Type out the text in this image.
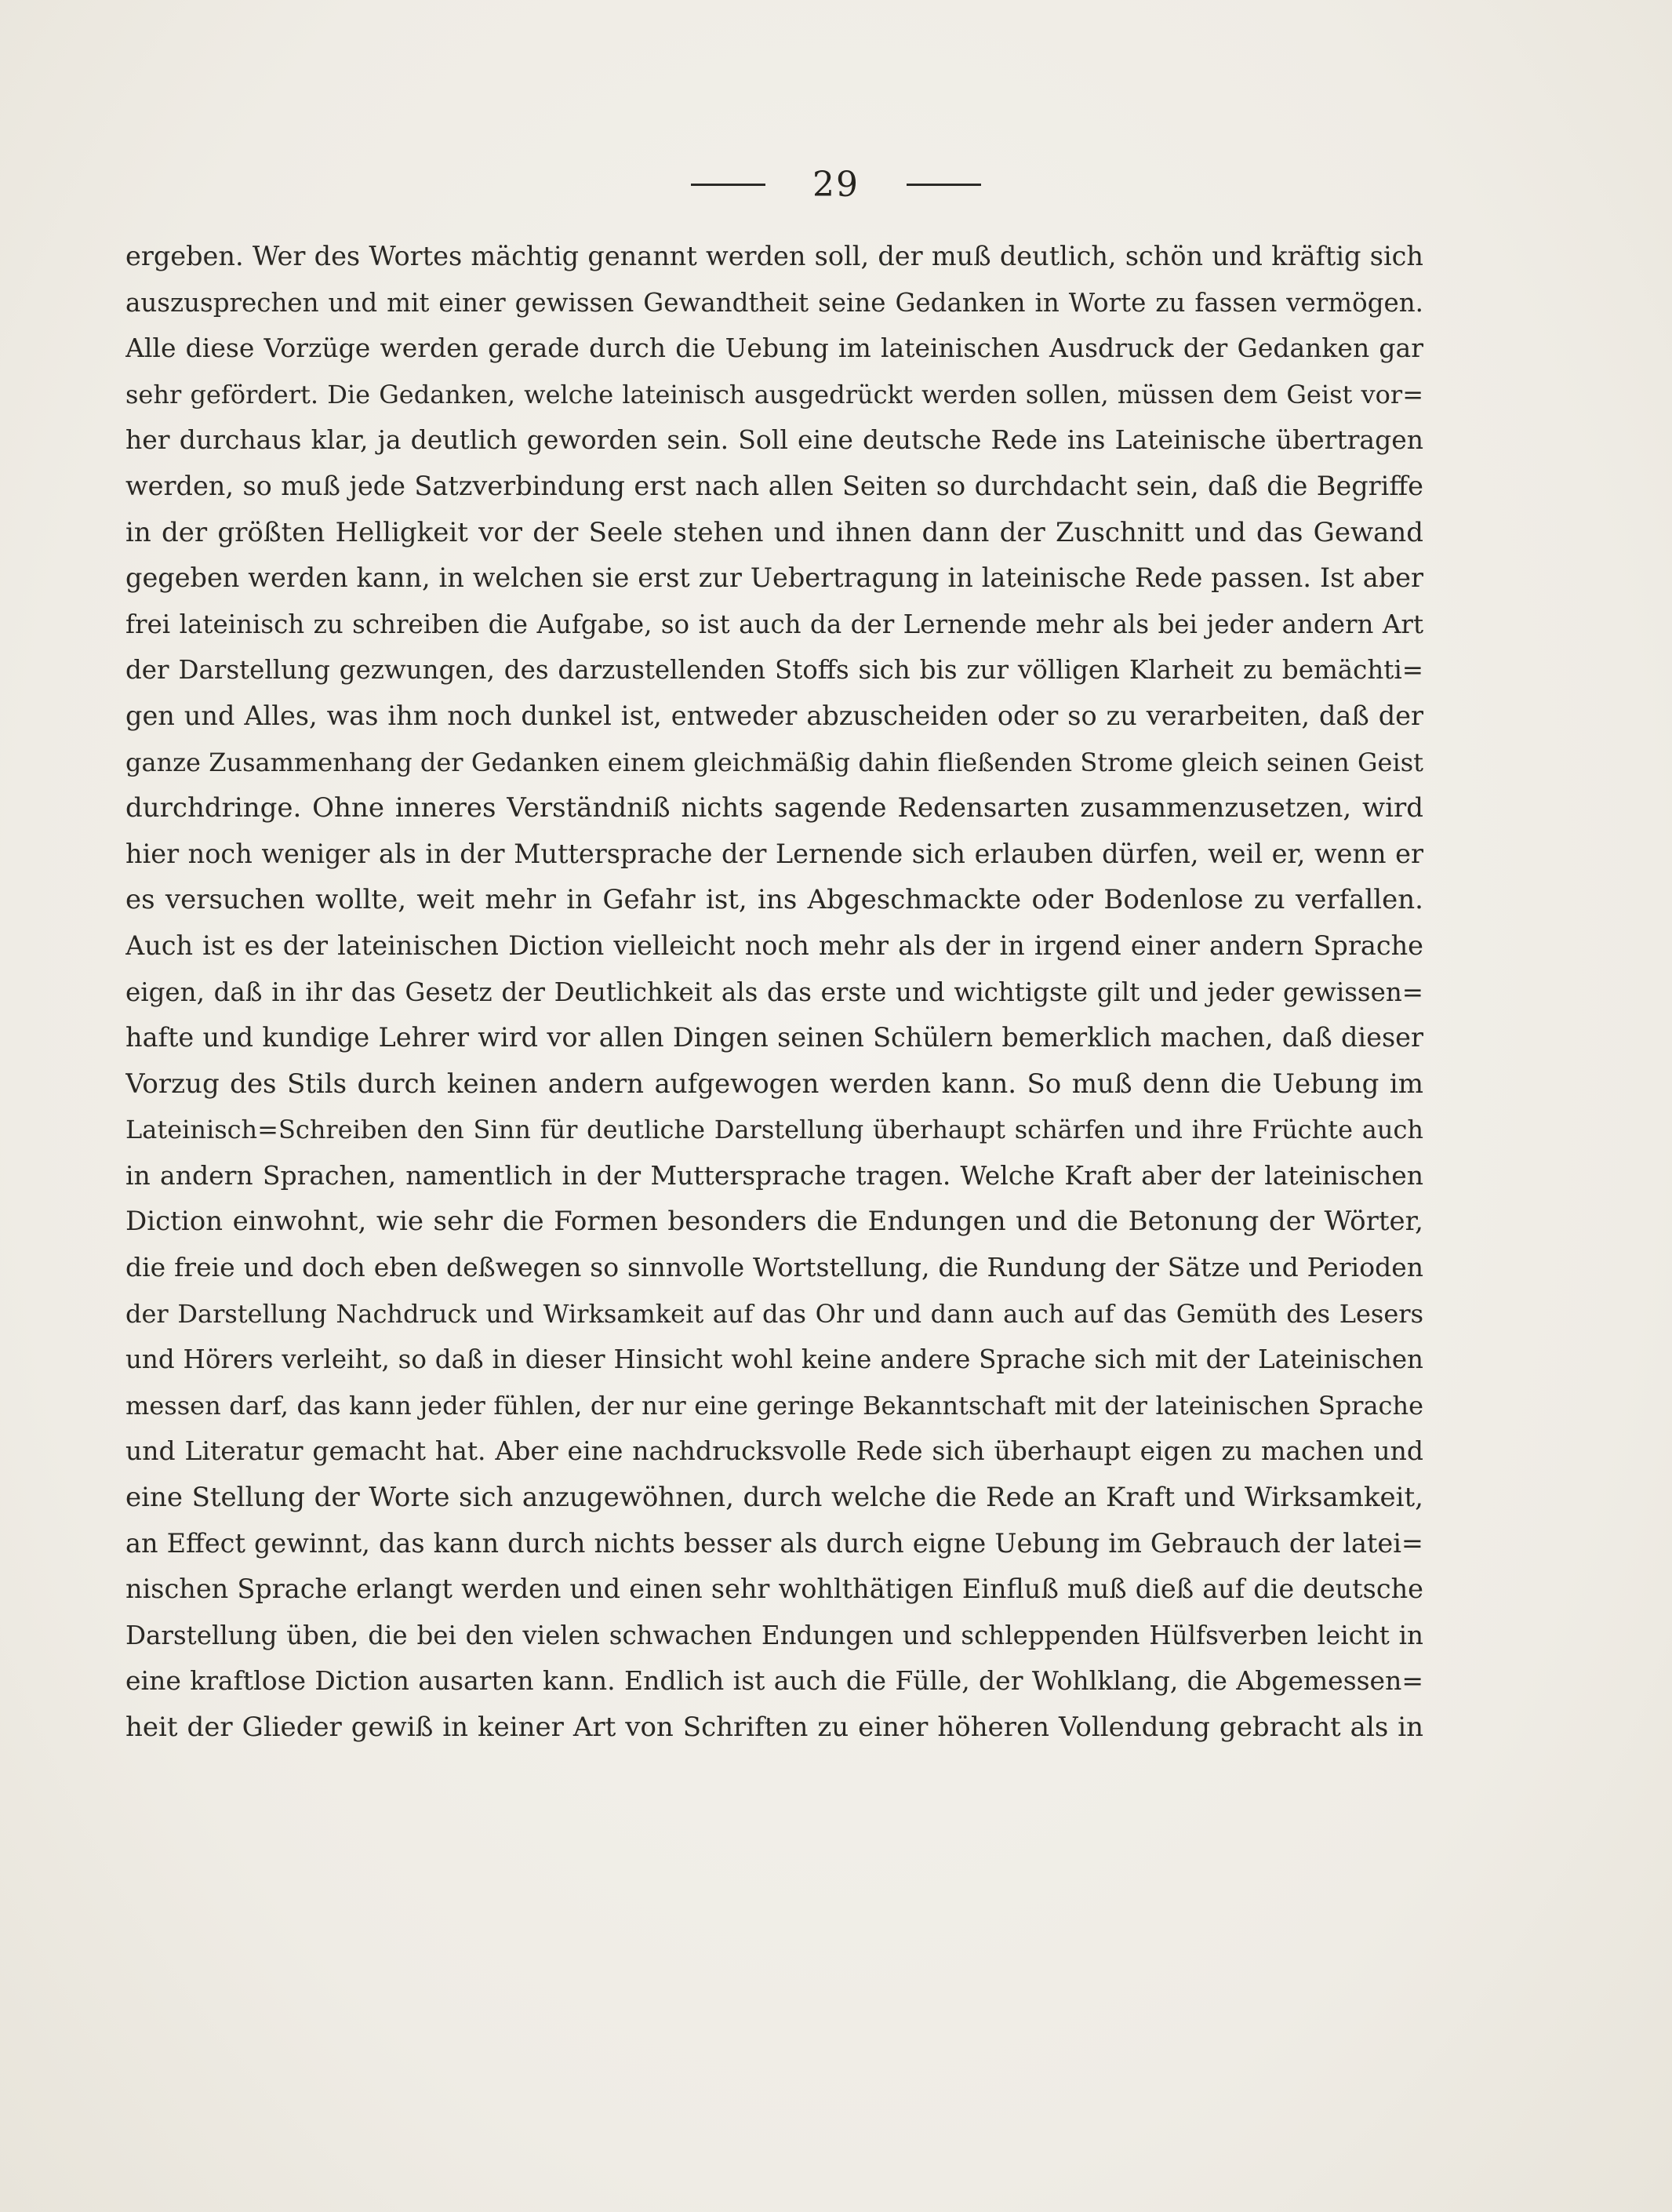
29
ergeben. Wer des Wortes mächtig genannt werden soll, der muß deutlich, schön und kräftig sich
auszusprechen und mit einer gewissen Gewandtheit seine Gedanken in Worte zu fassen vermögen.
Alle diese Vorzüge werden gerade durch die Uebung im lateinischen Ausdruck der Gedanken gar
sehr gefördert. Die Gedanken, welche lateinisch ausgedrückt werden sollen, müssen dem Geist vor=
her durchaus klar, ja deutlich geworden sein. Soll eine deutsche Rede ins Lateinische übertragen
werden, so muß jede Satzverbindung erst nach allen Seiten so durchdacht sein, daß die Begriffe
in der größten Helligkeit vor der Seele stehen und ihnen dann der Zuschnitt und das Gewand
gegeben werden kann, in welchen sie erst zur Uebertragung in lateinische Rede passen. Ist aber
frei lateinisch zu schreiben die Aufgabe, so ist auch da der Lernende mehr als bei jeder andern Art
der Darstellung gezwungen, des darzustellenden Stoffs sich bis zur völligen Klarheit zu bemächti=
gen und Alles, was ihm noch dunkel ist, entweder abzuscheiden oder so zu verarbeiten, daß der
ganze Zusammenhang der Gedanken einem gleichmäßig dahin fließenden Strome gleich seinen Geist
durchdringe. Ohne inneres Verständniß nichts sagende Redensarten zusammenzusetzen, wird
hier noch weniger als in der Muttersprache der Lernende sich erlauben dürfen, weil er, wenn er
es versuchen wollte, weit mehr in Gefahr ist, ins Abgeschmackte oder Bodenlose zu verfallen.
Auch ist es der lateinischen Diction vielleicht noch mehr als der in irgend einer andern Sprache
eigen, daß in ihr das Gesetz der Deutlichkeit als das erste und wichtigste gilt und jeder gewissen=
hafte und kundige Lehrer wird vor allen Dingen seinen Schülern bemerklich machen, daß dieser
Vorzug des Stils durch keinen andern aufgewogen werden kann. So muß denn die Uebung im
Lateinisch=Schreiben den Sinn für deutliche Darstellung überhaupt schärfen und ihre Früchte auch
in andern Sprachen, namentlich in der Muttersprache tragen. Welche Kraft aber der lateinischen
Diction einwohnt, wie sehr die Formen besonders die Endungen und die Betonung der Wörter,
die freie und doch eben deßwegen so sinnvolle Wortstellung, die Rundung der Sätze und Perioden
der Darstellung Nachdruck und Wirksamkeit auf das Ohr und dann auch auf das Gemüth des Lesers
und Hörers verleiht, so daß in dieser Hinsicht wohl keine andere Sprache sich mit der Lateinischen
messen darf, das kann jeder fühlen, der nur eine geringe Bekanntschaft mit der lateinischen Sprache
und Literatur gemacht hat. Aber eine nachdrucksvolle Rede sich überhaupt eigen zu machen und
eine Stellung der Worte sich anzugewöhnen, durch welche die Rede an Kraft und Wirksamkeit,
an Effect gewinnt, das kann durch nichts besser als durch eigne Uebung im Gebrauch der latei=
nischen Sprache erlangt werden und einen sehr wohlthätigen Einfluß muß dieß auf die deutsche
Darstellung üben, die bei den vielen schwachen Endungen und schleppenden Hülfsverben leicht in
eine kraftlose Diction ausarten kann. Endlich ist auch die Fülle, der Wohlklang, die Abgemessen=
heit der Glieder gewiß in keiner Art von Schriften zu einer höheren Vollendung gebracht als in
